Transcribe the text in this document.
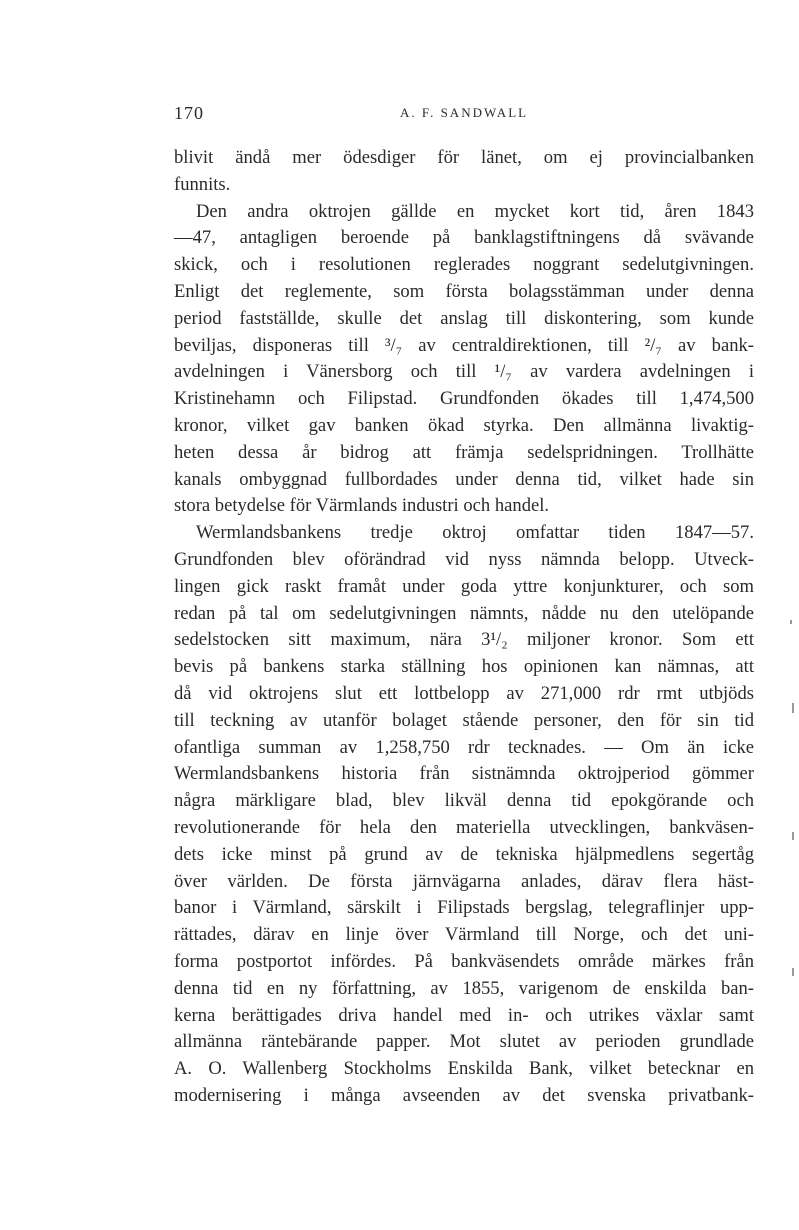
170	A. F. SANDWALL
blivit ändå mer ödesdiger för länet, om ej provincialbanken
funnits.
Den andra oktrojen gällde en mycket kort tid, åren 1843
—47, antagligen beroende på banklagstiftningens då svävande
skick, och i resolutionen reglerades noggrant sedelutgivningen.
Enligt det reglemente, som första bolagsstämman under denna
period fastställde, skulle det anslag till diskontering, som kunde
beviljas, disponeras till ³/₇ av centraldirektionen, till ²/₇ av bank-
avdelningen i Vänersborg och till ¹/₇ av vardera avdelningen i
Kristinehamn och Filipstad. Grundfonden ökades till 1,474,500
kronor, vilket gav banken ökad styrka. Den allmänna livaktig-
heten dessa år bidrog att främja sedelspridningen. Trollhätte
kanals ombyggnad fullbordades under denna tid, vilket hade sin
stora betydelse för Värmlands industri och handel.
Wermlandsbankens tredje oktroj omfattar tiden 1847—57.
Grundfonden blev oförändrad vid nyss nämnda belopp. Utveck-
lingen gick raskt framåt under goda yttre konjunkturer, och som
redan på tal om sedelutgivningen nämnts, nådde nu den utelöpande
sedelstocken sitt maximum, nära 3¹/₂ miljoner kronor. Som ett
bevis på bankens starka ställning hos opinionen kan nämnas, att
då vid oktrojens slut ett lottbelopp av 271,000 rdr rmt utbjöds
till teckning av utanför bolaget stående personer, den för sin tid
ofantliga summan av 1,258,750 rdr tecknades. — Om än icke
Wermlandsbankens historia från sistnämnda oktrojperiod gömmer
några märkligare blad, blev likväl denna tid epokgörande och
revolutionerande för hela den materiella utvecklingen, bankväsen-
dets icke minst på grund av de tekniska hjälpmedlens segertåg
över världen. De första järnvägarna anlades, därav flera häst-
banor i Värmland, särskilt i Filipstads bergslag, telegraflinjer upp-
rättades, därav en linje över Värmland till Norge, och det uni-
forma postportot infördes. På bankväsendets område märkes från
denna tid en ny författning, av 1855, varigenom de enskilda ban-
kerna berättigades driva handel med in- och utrikes växlar samt
allmänna räntebärande papper. Mot slutet av perioden grundlade
A. O. Wallenberg Stockholms Enskilda Bank, vilket betecknar en
modernisering i många avseenden av det svenska privatbank-
